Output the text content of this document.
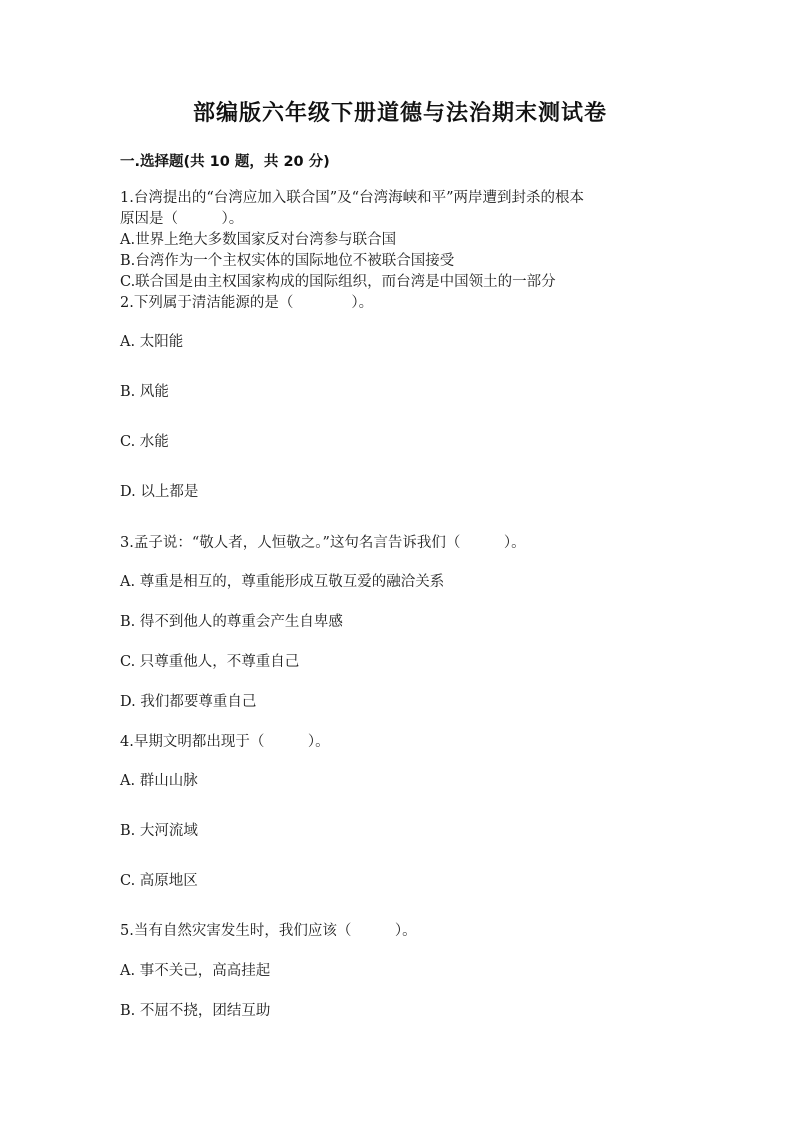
部编版六年级下册道德与法治期末测试卷
一.选择题(共 10 题，共 20 分)
1.台湾提出的“台湾应加入联合国”及“台湾海峡和平”两岸遭到封杀的根本
原因是（　　　）。
A.世界上绝大多数国家反对台湾参与联合国
B.台湾作为一个主权实体的国际地位不被联合国接受
C.联合国是由主权国家构成的国际组织，而台湾是中国领土的一部分
2.下列属于清洁能源的是（　　　　）。
A. 太阳能
B. 风能
C. 水能
D. 以上都是
3.孟子说：“敬人者，人恒敬之。”这句名言告诉我们（　　　）。
A. 尊重是相互的，尊重能形成互敬互爱的融洽关系
B. 得不到他人的尊重会产生自卑感
C. 只尊重他人，不尊重自己
D. 我们都要尊重自己
4.早期文明都出现于（　　　）。
A. 群山山脉
B. 大河流域
C. 高原地区
5.当有自然灾害发生时，我们应该（　　　）。
A. 事不关己，高高挂起
B. 不屈不挠，团结互助
